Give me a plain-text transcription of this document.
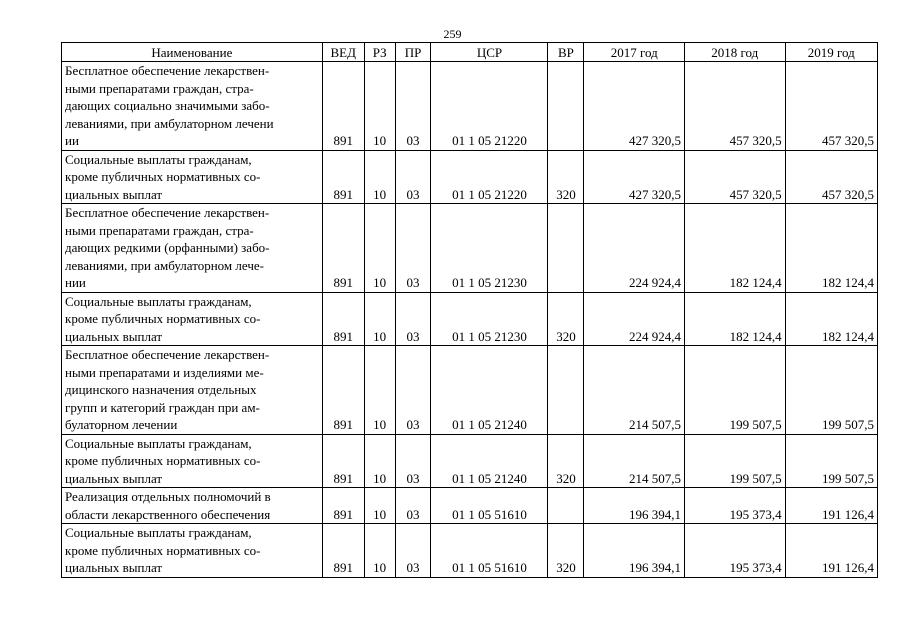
259
Наименование	ВЕД	РЗ	ПР	ЦСР	ВР	2017 год	2018 год	2019 год
Бесплатное обеспечение лекарствен-
ными препаратами граждан, стра-
дающих социально значимыми забо-
леваниями, при амбулаторном лечени
ии	891	10	03	01 1 05 21220		427 320,5	457 320,5	457 320,5
Социальные выплаты гражданам,
кроме публичных нормативных со-
циальных выплат	891	10	03	01 1 05 21220	320	427 320,5	457 320,5	457 320,5
Бесплатное обеспечение лекарствен-
ными препаратами граждан, стра-
дающих редкими (орфанными) забо-
леваниями, при амбулаторном лече-
нии	891	10	03	01 1 05 21230		224 924,4	182 124,4	182 124,4
Социальные выплаты гражданам,
кроме публичных нормативных со-
циальных выплат	891	10	03	01 1 05 21230	320	224 924,4	182 124,4	182 124,4
Бесплатное обеспечение лекарствен-
ными препаратами и изделиями ме-
дицинского назначения отдельных
групп и категорий граждан при ам-
булаторном лечении	891	10	03	01 1 05 21240		214 507,5	199 507,5	199 507,5
Социальные выплаты гражданам,
кроме публичных нормативных со-
циальных выплат	891	10	03	01 1 05 21240	320	214 507,5	199 507,5	199 507,5
Реализация отдельных полномочий в
области лекарственного обеспечения	891	10	03	01 1 05 51610		196 394,1	195 373,4	191 126,4
Социальные выплаты гражданам,
кроме публичных нормативных со-
циальных выплат	891	10	03	01 1 05 51610	320	196 394,1	195 373,4	191 126,4
